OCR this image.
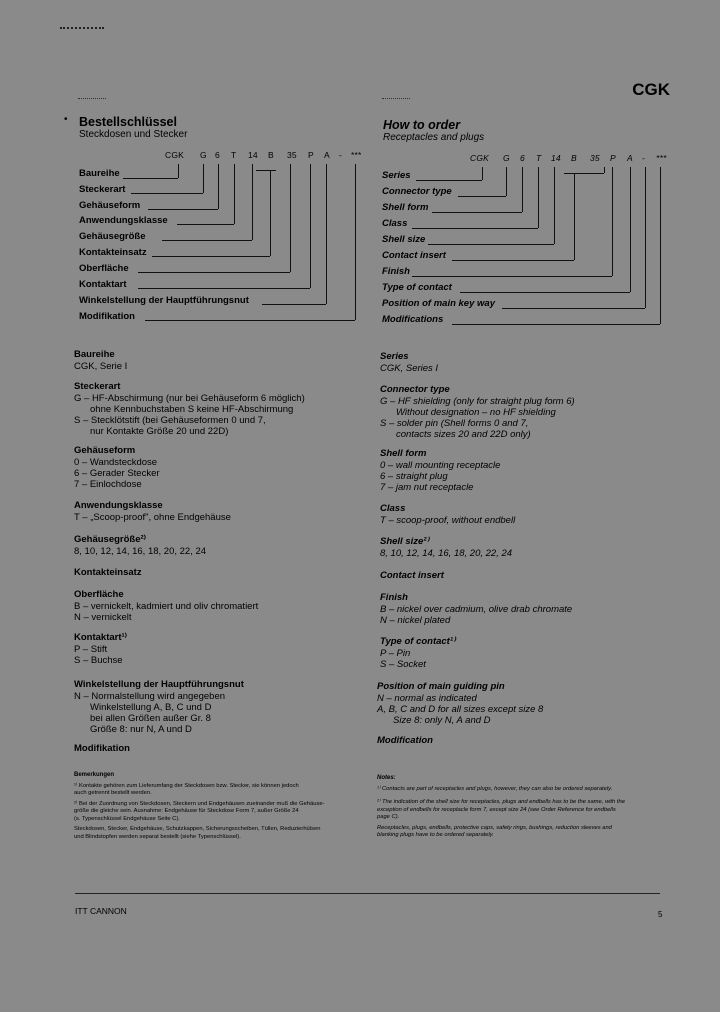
CGK
• Bestellschlüssel
Steckdosen und Stecker
How to order
Receptacles and plugs
CGK G 6 T 14 B 35 P A - ***	CGK G 6 T 14 B 35 P A - ***
Baureihe
Steckerart
Gehäuseform
Anwendungsklasse
Gehäusegröße
Kontakteinsatz
Oberfläche
Kontaktart
Winkelstellung der Hauptführungsnut
Modifikation
Series
Connector type
Shell form
Class
Shell size
Contact insert
Finish
Type of contact
Position of main key way
Modifications
Baureihe
CGK, Serie I
Steckerart
G – HF-Abschirmung (nur bei Gehäuseform 6 möglich)
ohne Kennbuchstaben S keine HF-Abschirmung
S – Stecklötstift (bei Gehäuseformen 0 und 7,
nur Kontakte Größe 20 und 22D)
Gehäuseform
0 – Wandsteckdose
6 – Gerader Stecker
7 – Einlochdose
Anwendungsklasse
T – „Scoop-proof", ohne Endgehäuse
Gehäusegröße²⁾
8, 10, 12, 14, 16, 18, 20, 22, 24
Kontakteinsatz
Oberfläche
B – vernickelt, kadmiert und oliv chromatiert
N – vernickelt
Kontaktart¹⁾
P – Stift
S – Buchse
Winkelstellung der Hauptführungsnut
N – Normalstellung wird angegeben
Winkelstellung A, B, C und D
bei allen Größen außer Gr. 8
Größe 8: nur N, A und D
Modifikation
Series
CGK, Series I
Connector type
G – HF shielding (only for straight plug form 6)
Without designation – no HF shielding
S – solder pin (Shell forms 0 and 7,
contacts sizes 20 and 22D only)
Shell form
0 – wall mounting receptacle
6 – straight plug
7 – jam nut receptacle
Class
T – scoop-proof, without endbell
Shell size²⁾
8, 10, 12, 14, 16, 18, 20, 22, 24
Contact insert
Finish
B – nickel over cadmium, olive drab chromate
N – nickel plated
Type of contact¹⁾
P – Pin
S – Socket
Position of main guiding pin
N – normal as indicated
A, B, C and D for all sizes except size 8
Size 8: only N, A and D
Modification
Bemerkungen
¹⁾ Kontakte gehören zum Lieferumfang der Steckdosen bzw. Stecker, sie können jedoch
auch getrennt bestellt werden.
²⁾ Bei der Zuordnung von Steckdosen, Steckern und Endgehäusen zueinander muß die Gehäuse-
größe die gleiche sein. Ausnahme: Endgehäuse für Steckdose Form 7, außer Größe 24
(s. Typenschlüssel Endgehäuse Seite C).
Steckdosen, Stecker, Endgehäuse, Schutzkappen, Sicherungsscheiben, Tüllen, Reduzierhülsen
und Blindstopfen werden separat bestellt (siehe Typenschlüssel).
Notes:
¹⁾ Contacts are part of receptacles and plugs, however, they can also be ordered separately.
²⁾ The indication of the shell size for receptacles, plugs and endbells has to be the same, with the
exception of endbells for receptacle form 7, except size 24 (see Order Reference for endbells
page C).
Receptacles, plugs, endbells, protective caps, safety rings, bushings, reduction sleeves and
blanking plugs have to be ordered separately.
ITT CANNON	5
